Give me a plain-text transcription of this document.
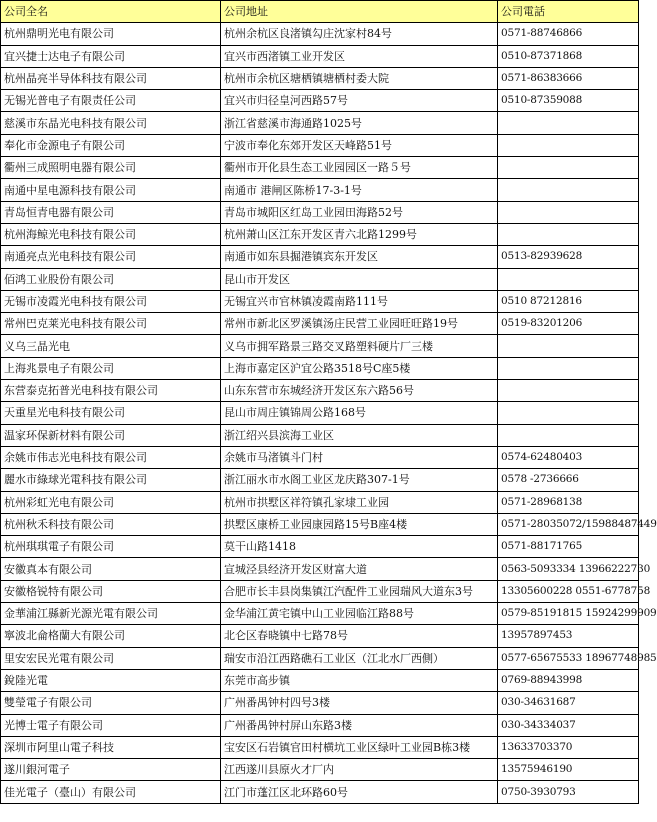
公司全名	公司地址	公司電話
杭州鼎明光电有限公司	杭州余杭区良渚镇勾庄沈家村84号	0571-88746866
宜兴捷士达电子有限公司	宜兴市西渚镇工业开发区	0510-87371868
杭州晶亮半导体科技有限公司	杭州市余杭区塘栖镇塘栖村委大院	0571-86383666
无锡光普电子有限责任公司	宜兴市归径皇河西路57号	0510-87359088
慈溪市东晶光电科技有限公司	浙江省慈溪市海通路1025号	
奉化市金源电子有限公司	宁波市奉化东郊开发区天峰路51号	
衢州三成照明电器有限公司	衢州市开化县生态工业园园区一路５号	
南通中星电源科技有限公司	南通市 港闸区陈桥17-3-1号	
青岛恒青电器有限公司	青岛市城阳区红岛工业园田海路52号	
杭州海鲸光电科技有限公司	杭州萧山区江东开发区青六北路1299号	
南通亮点光电科技有限公司	南通市如东县掘港镇宾东开发区	0513-82939628
佰鸿工业股份有限公司	昆山市开发区	
无锡市凌霞光电科技有限公司	无锡宜兴市官林镇凌霞南路111号	0510 87212816
常州巴克莱光电科技有限公司	常州市新北区罗溪镇汤庄民营工业园旺旺路19号	0519-83201206
义乌三晶光电	义乌市拥军路景三路交叉路塑料硬片厂三楼	
上海兆景电子有限公司	上海市嘉定区沪宜公路3518号C座5楼	
东营泰克拓普光电科技有限公司	山东东营市东城经济开发区东六路56号	
天重星光电科技有限公司	昆山市周庄镇锦周公路168号	
温家环保新材料有限公司	浙江绍兴县滨海工业区	
余姚市伟志光电科技有限公司	余姚市马渚镇斗门村	0574-62480403
麗水市綠球光電科技有限公司	浙江丽水市水阁工业区龙庆路307-1号	0578 -2736666
杭州彩虹光电有限公司	杭州市拱墅区祥符镇孔家埭工业园	0571-28968138
杭州秋禾科技有限公司	拱墅区康桥工业园康园路15号B座4楼	0571-28035072/15988487449
杭州琪琪電子有限公司	莫干山路1418	0571-88171765
安徽真本有限公司	宣城泾县经济开发区财富大道	0563-5093334 13966222730
安徽格锐特有限公司	合肥市长丰县岗集镇江汽配件工业园瑞风大道东3号	13305600228 0551-6778758
金華浦江縣新光源光電有限公司	金华浦江黄宅镇中山工业园临江路88号	0579-85191815 15924299909
寧波北侖格蘭大有限公司	北仑区春晓镇中七路78号	13957897453
里安宏民光電有限公司	瑞安市沿江西路礁石工业区（江北水厂西側）	0577-65675533 18967748985
銳陸光電	东莞市高步镇	0769-88943998
雙瑩電子有限公司	广州番禺钟村四号3楼	030-34631687
光博士電子有限公司	广州番禺钟村屏山东路3楼	030-34334037
深圳市阿里山電子科技	宝安区石岩镇官田村横坑工业区绿叶工业园B栋3楼	13633703370
遂川銀河電子	江西遂川县原火才厂内	13575946190
佳光電子（臺山）有限公司	江门市蓬江区北环路60号	0750-3930793
